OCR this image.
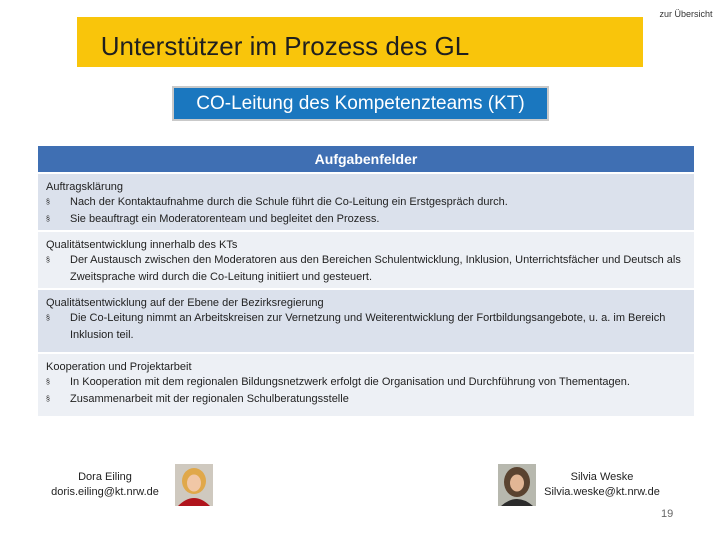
Unterstützer im Prozess des GL
zur Übersicht
CO-Leitung des Kompetenzteams (KT)
Aufgabenfelder
Auftragsklärung
§	Nach der Kontaktaufnahme durch die Schule führt die Co-Leitung ein Erstgespräch durch.
§	Sie beauftragt ein Moderatorenteam und begleitet den Prozess.
Qualitätsentwicklung innerhalb des KTs
§	Der Austausch zwischen den Moderatoren aus den Bereichen Schulentwicklung, Inklusion, Unterrichtsfächer und Deutsch als Zweitsprache wird durch die Co-Leitung initiiert und gesteuert.
Qualitätsentwicklung auf der Ebene der Bezirksregierung
§	Die Co-Leitung nimmt an Arbeitskreisen zur Vernetzung und Weiterentwicklung der Fortbildungsangebote, u. a. im Bereich Inklusion teil.
Kooperation und Projektarbeit
§	In Kooperation mit dem regionalen Bildungsnetzwerk erfolgt die Organisation und Durchführung von Thementagen.
§	Zusammenarbeit mit der regionalen Schulberatungsstelle
Dora Eiling
doris.eiling@kt.nrw.de
Silvia Weske
Silvia.weske@kt.nrw.de
19
